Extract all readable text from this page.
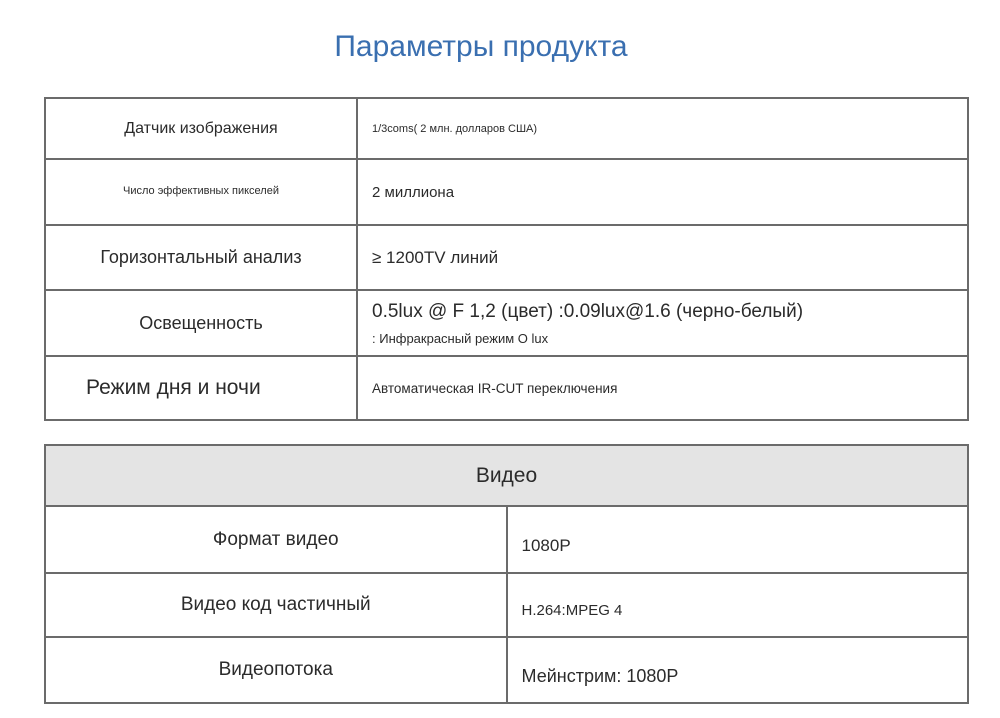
Параметры продукта
Датчик изображения	1/3coms( 2 млн. долларов США)
Число эффективных пикселей	2 миллиона
Горизонтальный анализ	≥ 1200TV линий
Освещенность	0.5lux @ F 1,2 (цвет) :0.09lux@1.6 (черно-белый)
: Инфракрасный режим O lux

Режим дня и ночи	Автоматическая IR-CUT переключения
Видео	
Формат видео	1080P
Видео код частичный	H.264:MPEG 4
Видеопотока	Мейнстрим: 1080P
